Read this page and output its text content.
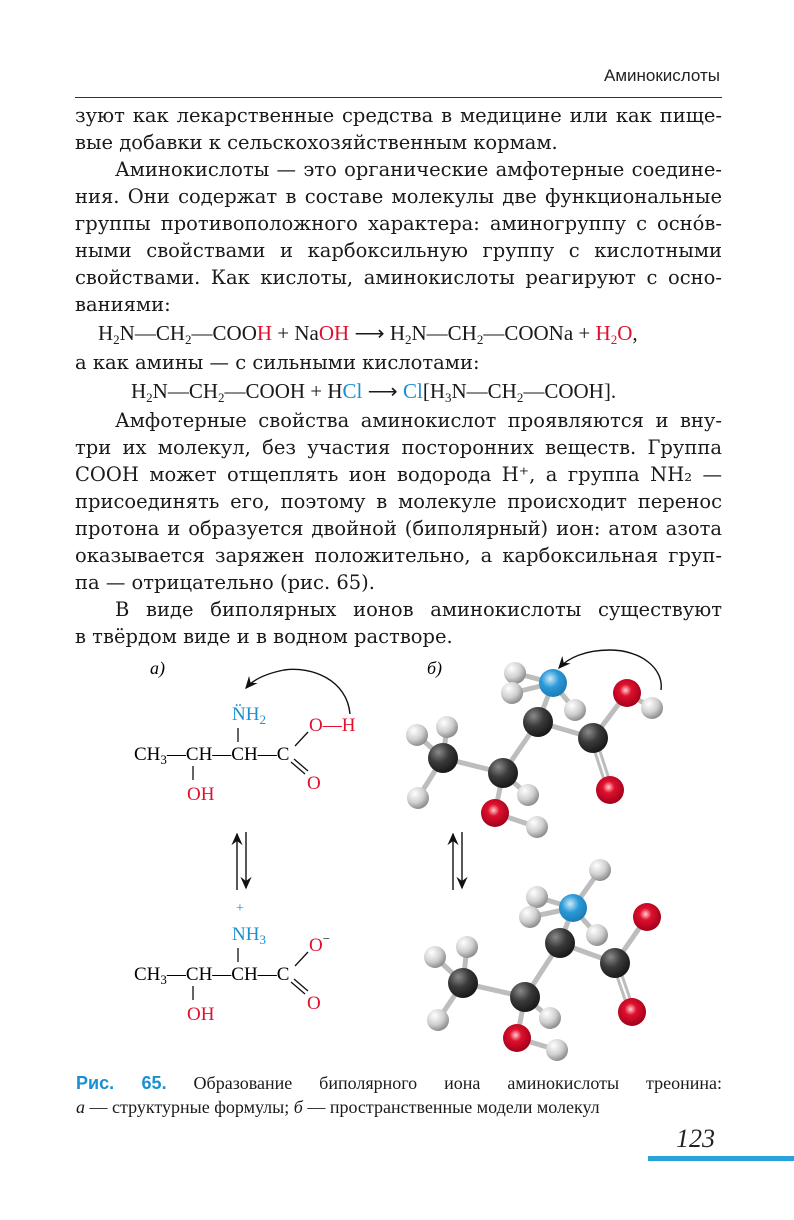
Аминокислоты
зуют как лекарственные средства в медицине или как пище-
вые добавки к сельскохозяйственным кормам.
Аминокислоты — это органические амфотерные соедине-
ния. Они содержат в составе молекулы две функциональные
группы противоположного характера: аминогруппу с осно́в-
ными свойствами и карбоксильную группу с кислотными
свойствами. Как кислоты, аминокислоты реагируют с осно-
ваниями:
$H_2N—CH_2—COOH$ + NaOH ⟶ $H_2N—CH_2—COONa + H_2O$,
а как амины — с сильными кислотами:
$H_2N—CH_2—COOH$ + HCl ⟶ $Cl[H_3N—CH_2—COOH]$.
Амфотерные свойства аминокислот проявляются и вну-
три их молекул, без участия посторонних веществ. Группа
COOH может отщеплять ион водорода H⁺, а группа NH₂ —
присоединять его, поэтому в молекуле происходит перенос
протона и образуется двойной (биполярный) ион: атом азота
оказывается заряжен положительно, а карбоксильная груп-
па — отрицательно (рис. 65).
В виде биполярных ионов аминокислоты существуют
в твёрдом виде и в водном растворе.
а)
$N̈H_2$
$CH_3—CH—CH—C$
O—H
O
OH
+
$NH_3$
$CH_3—CH—CH—C$
O−
O
OH
б)
Рис. 65. Образование биполярного иона аминокислоты треонина:
а — структурные формулы; б — пространственные модели молекул
123
